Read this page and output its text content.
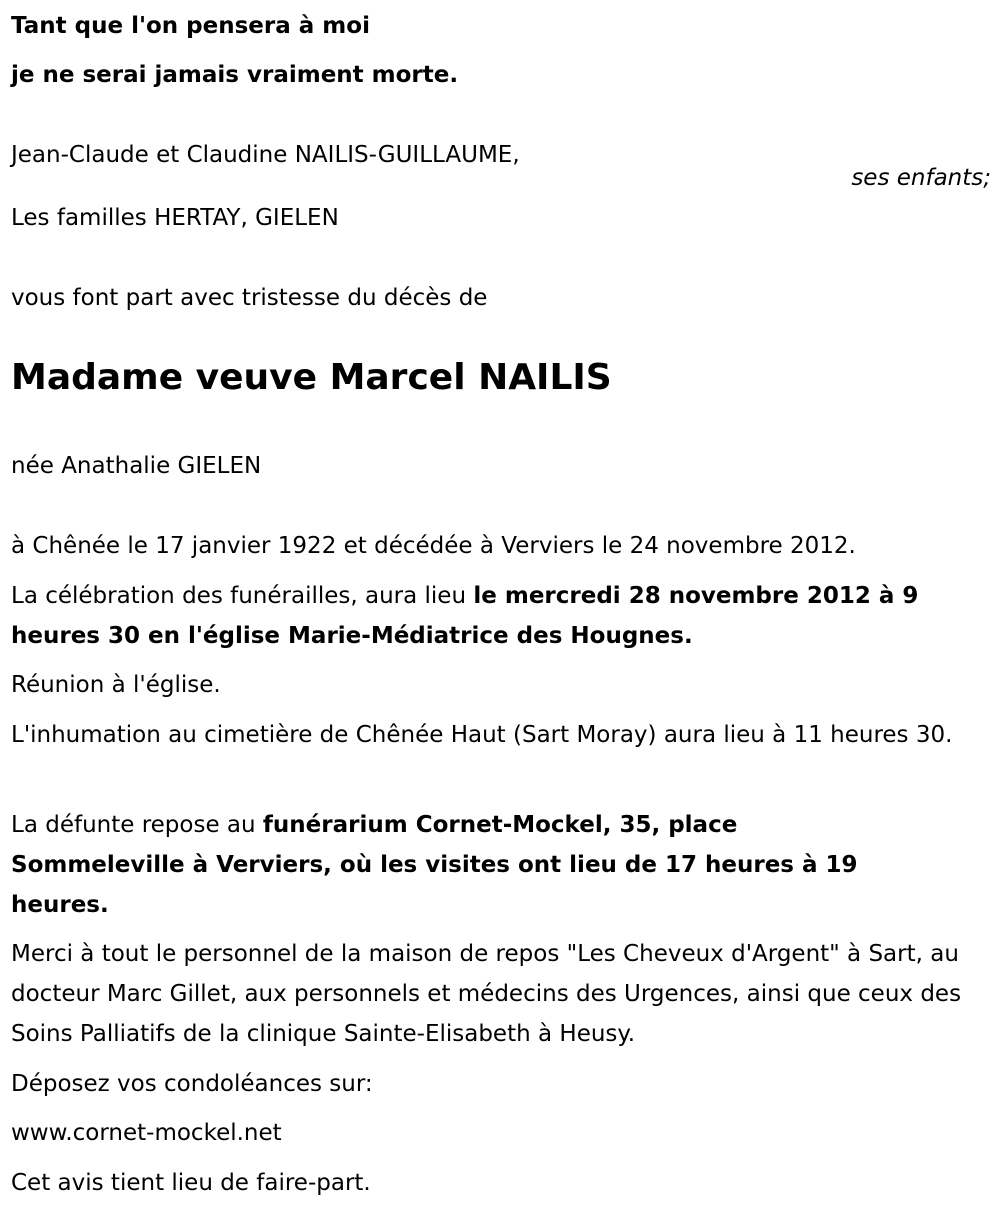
Tant que l'on pensera à moi
je ne serai jamais vraiment morte.
Jean-Claude et Claudine NAILIS-GUILLAUME,
ses enfants;
Les familles HERTAY, GIELEN
vous font part avec tristesse du décès de
Madame veuve Marcel NAILIS
née Anathalie GIELEN
à Chênée le 17 janvier 1922 et décédée à Verviers le 24 novembre 2012.
La célébration des funérailles, aura lieu le mercredi 28 novembre 2012 à 9 heures 30 en l'église Marie-Médiatrice des Hougnes.
Réunion à l'église.
L'inhumation au cimetière de Chênée Haut (Sart Moray) aura lieu à 11 heures 30.
La défunte repose au funérarium Cornet-Mockel, 35, place Sommeleville à Verviers, où les visites ont lieu de 17 heures à 19 heures.
Merci à tout le personnel de la maison de repos "Les Cheveux d'Argent" à Sart, au docteur Marc Gillet, aux personnels et médecins des Urgences, ainsi que ceux des Soins Palliatifs de la clinique Sainte-Elisabeth à Heusy.
Déposez vos condoléances sur:
www.cornet-mockel.net
Cet avis tient lieu de faire-part.
